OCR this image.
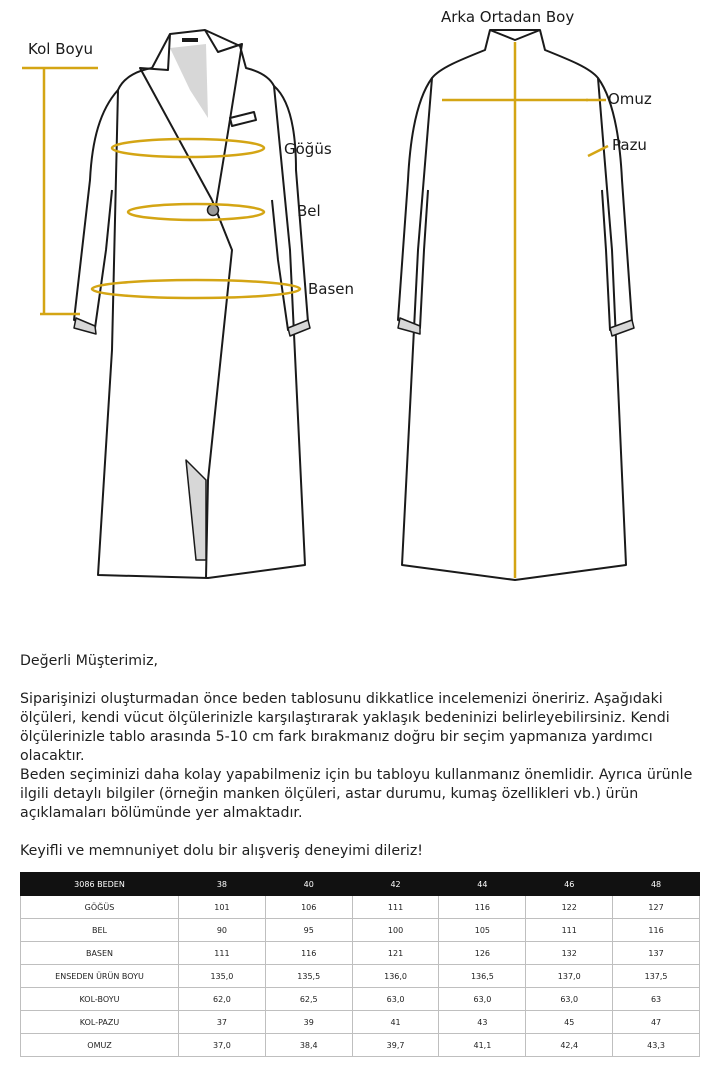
Kol Boyu
Göğüs
Bel
Basen
Arka Ortadan Boy
Omuz
Pazu

Değerli Müşterimiz,

Siparişinizi oluşturmadan önce beden tablosunu dikkatlice incelemenizi öneririz. Aşağıdaki ölçüleri, kendi vücut ölçülerinizle karşılaştırarak yaklaşık bedeninizi belirleyebilirsiniz. Kendi ölçülerinizle tablo arasında 5-10 cm fark bırakmanız doğru bir seçim yapmanıza yardımcı olacaktır.

Beden seçiminizi daha kolay yapabilmeniz için bu tabloyu kullanmanız önemlidir. Ayrıca ürünle ilgili detaylı bilgiler (örneğin manken ölçüleri, astar durumu, kumaş özellikleri vb.) ürün açıklamaları bölümünde yer almaktadır.

Keyifli ve memnuniyet dolu bir alışveriş deneyimi dileriz!

3086 BEDEN	38	40	42	44	46	48
GÖĞÜS	101	106	111	116	122	127
BEL	90	95	100	105	111	116
BASEN	111	116	121	126	132	137
ENSEDEN ÜRÜN BOYU	135,0	135,5	136,0	136,5	137,0	137,5
KOL-BOYU	62,0	62,5	63,0	63,0	63,0	63
KOL-PAZU	37	39	41	43	45	47
OMUZ	37,0	38,4	39,7	41,1	42,4	43,3
